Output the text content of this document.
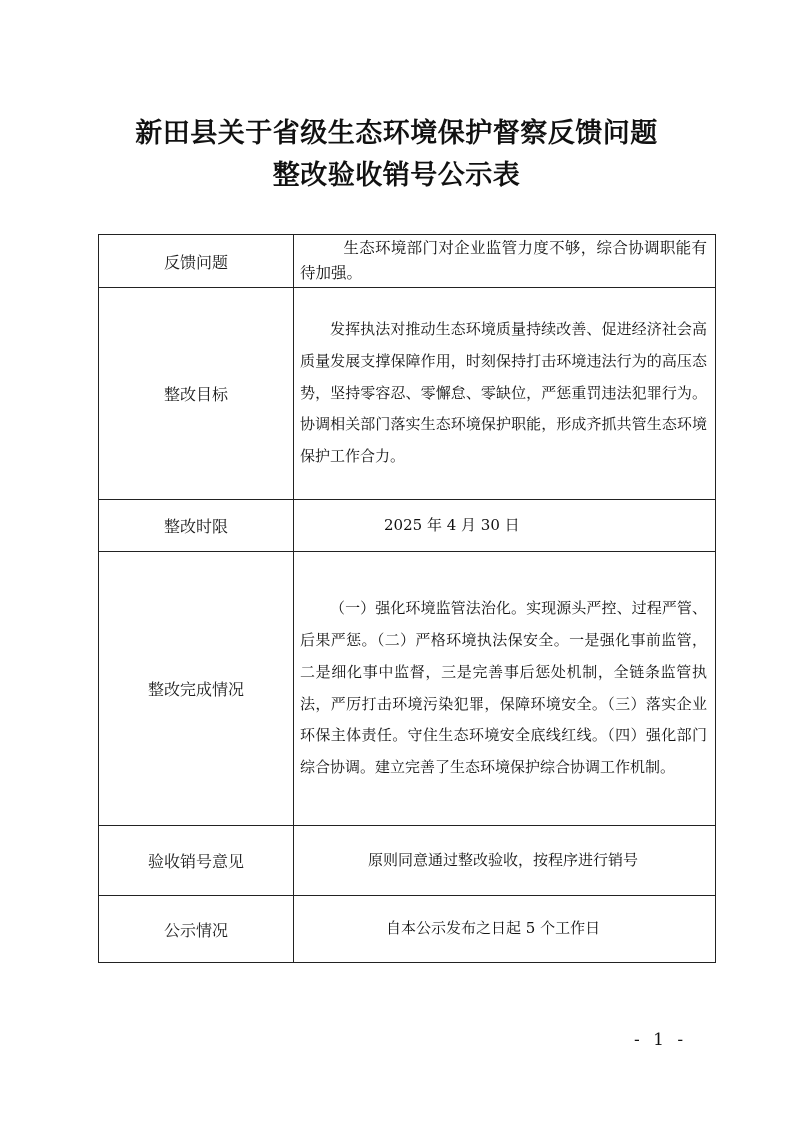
新田县关于省级生态环境保护督察反馈问题
整改验收销号公示表
反馈问题	生态环境部门对企业监管力度不够，综合协调职能有待加强。
整改目标	发挥执法对推动生态环境质量持续改善、促进经济社会高质量发展支撑保障作用，时刻保持打击环境违法行为的高压态势，坚持零容忍、零懈怠、零缺位，严惩重罚违法犯罪行为。协调相关部门落实生态环境保护职能，形成齐抓共管生态环境保护工作合力。
整改时限	2025 年 4 月 30 日
整改完成情况	（一）强化环境监管法治化。实现源头严控、过程严管、后果严惩。（二）严格环境执法保安全。一是强化事前监管，二是细化事中监督，三是完善事后惩处机制，全链条监管执法，严厉打击环境污染犯罪，保障环境安全。（三）落实企业环保主体责任。守住生态环境安全底线红线。（四）强化部门综合协调。建立完善了生态环境保护综合协调工作机制。
验收销号意见	原则同意通过整改验收，按程序进行销号
公示情况	自本公示发布之日起 5 个工作日
- 1 -
